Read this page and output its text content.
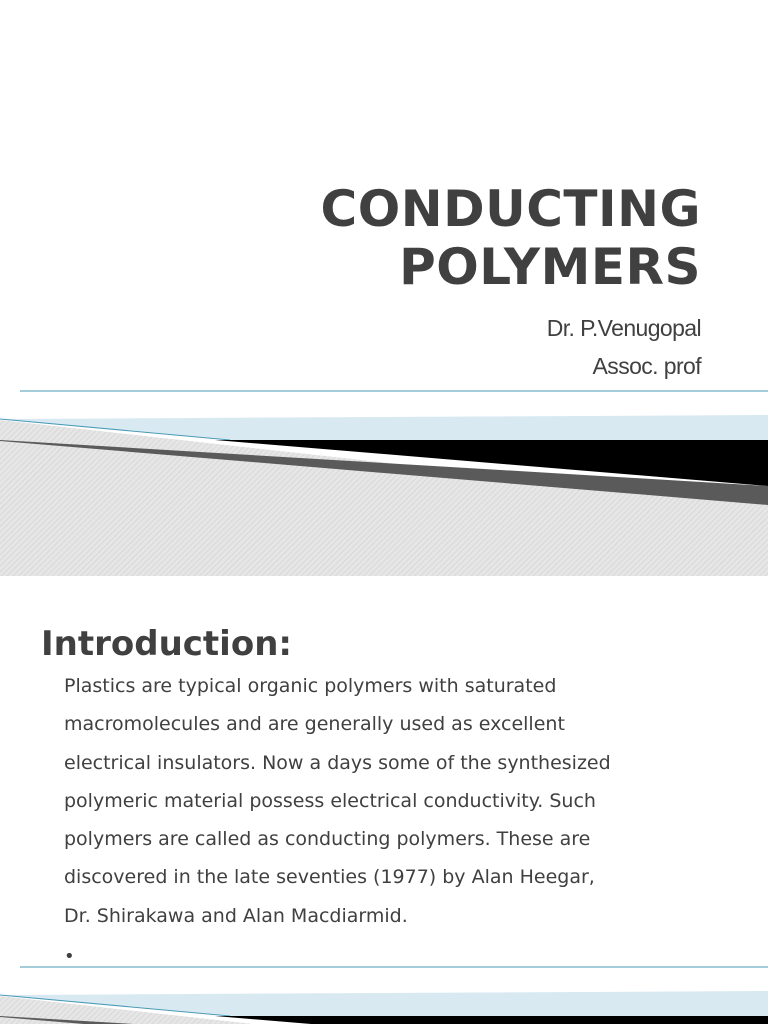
CONDUCTING
POLYMERS
Dr. P.Venugopal
Assoc. prof
Introduction:

Plastics are typical organic polymers with saturated
macromolecules and are generally used as excellent
electrical insulators. Now a days some of the synthesized
polymeric material possess electrical conductivity. Such
polymers are called as conducting polymers. These are
discovered in the late seventies (1977) by Alan Heegar,
Dr. Shirakawa and Alan Macdiarmid.

•
